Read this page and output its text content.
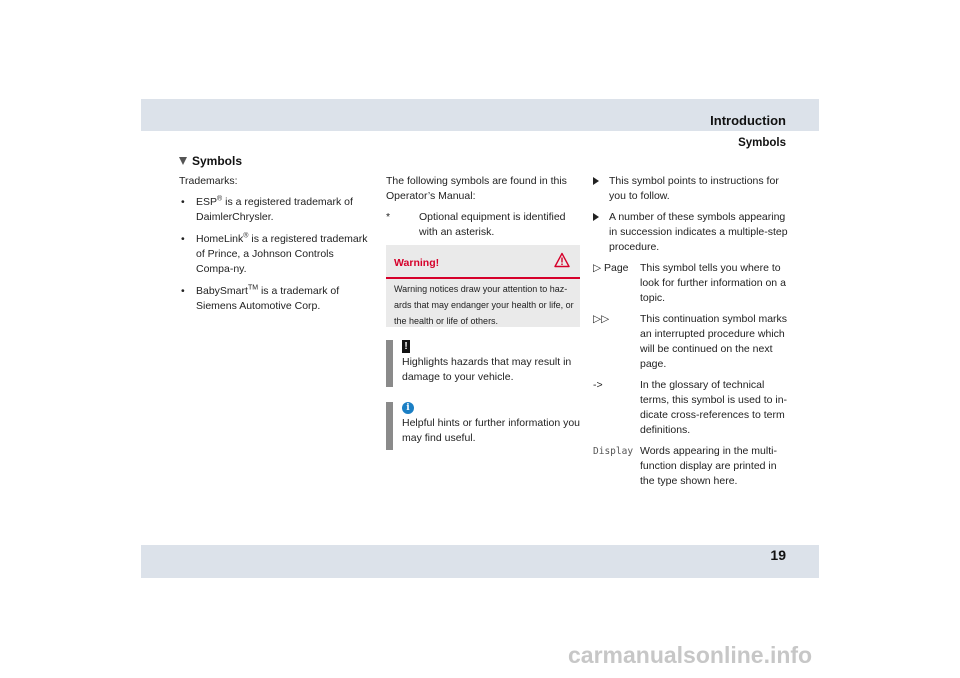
Introduction
Symbols
Symbols

Trademarks:

• ESP® is a registered trademark of DaimlerChrysler.
• HomeLink® is a registered trademark of Prince, a Johnson Controls Compa-ny.
• BabySmart™ is a trademark of Siemens Automotive Corp.

The following symbols are found in this Operator’s Manual:

*	Optional equipment is identified with an asterisk.
Warning!
Warning notices draw your attention to haz-ards that may endanger your health or life, or the health or life of others.
!
Highlights hazards that may result in damage to your vehicle.
i
Helpful hints or further information you may find useful.
This symbol points to instructions for you to follow.
A number of these symbols appearing in succession indicates a multiple-step procedure.
▷ Page	This symbol tells you where to look for further information on a topic.
▷▷	This continuation symbol marks an interrupted procedure which will be continued on the next page.
->	In the glossary of technical terms, this symbol is used to in-dicate cross-references to term definitions.
Display Words appearing in the multi-function display are printed in the type shown here.
19
carmanualsonline.info
